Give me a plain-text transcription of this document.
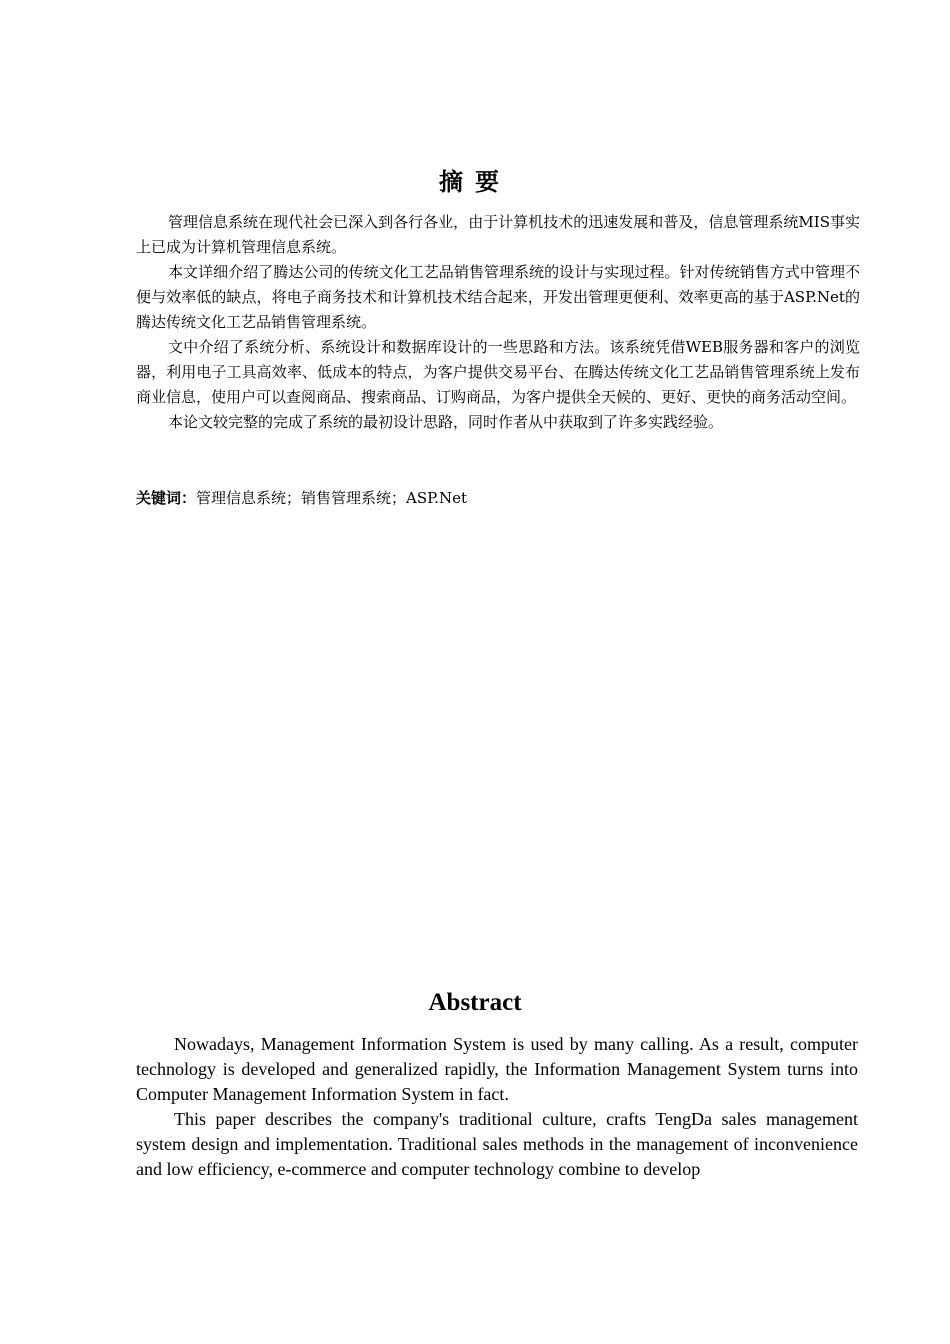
摘要

管理信息系统在现代社会已深入到各行各业，由于计算机技术的迅速发展和普及，信息管理系统MIS事实上已成为计算机管理信息系统。

本文详细介绍了腾达公司的传统文化工艺品销售管理系统的设计与实现过程。针对传统销售方式中管理不便与效率低的缺点，将电子商务技术和计算机技术结合起来，开发出管理更便利、效率更高的基于ASP.Net的腾达传统文化工艺品销售管理系统。

文中介绍了系统分析、系统设计和数据库设计的一些思路和方法。该系统凭借WEB服务器和客户的浏览器，利用电子工具高效率、低成本的特点，为客户提供交易平台、在腾达传统文化工艺品销售管理系统上发布商业信息，使用户可以查阅商品、搜索商品、订购商品，为客户提供全天候的、更好、更快的商务活动空间。

本论文较完整的完成了系统的最初设计思路，同时作者从中获取到了许多实践经验。

关键词：管理信息系统；销售管理系统；ASP.Net
Abstract

Nowadays, Management Information System is used by many calling. As a result, computer technology is developed and generalized rapidly, the Information Management System turns into Computer Management Information System in fact.

This paper describes the company's traditional culture, crafts TengDa sales management system design and implementation. Traditional sales methods in the management of inconvenience and low efficiency, e-commerce and computer technology combine to develop
